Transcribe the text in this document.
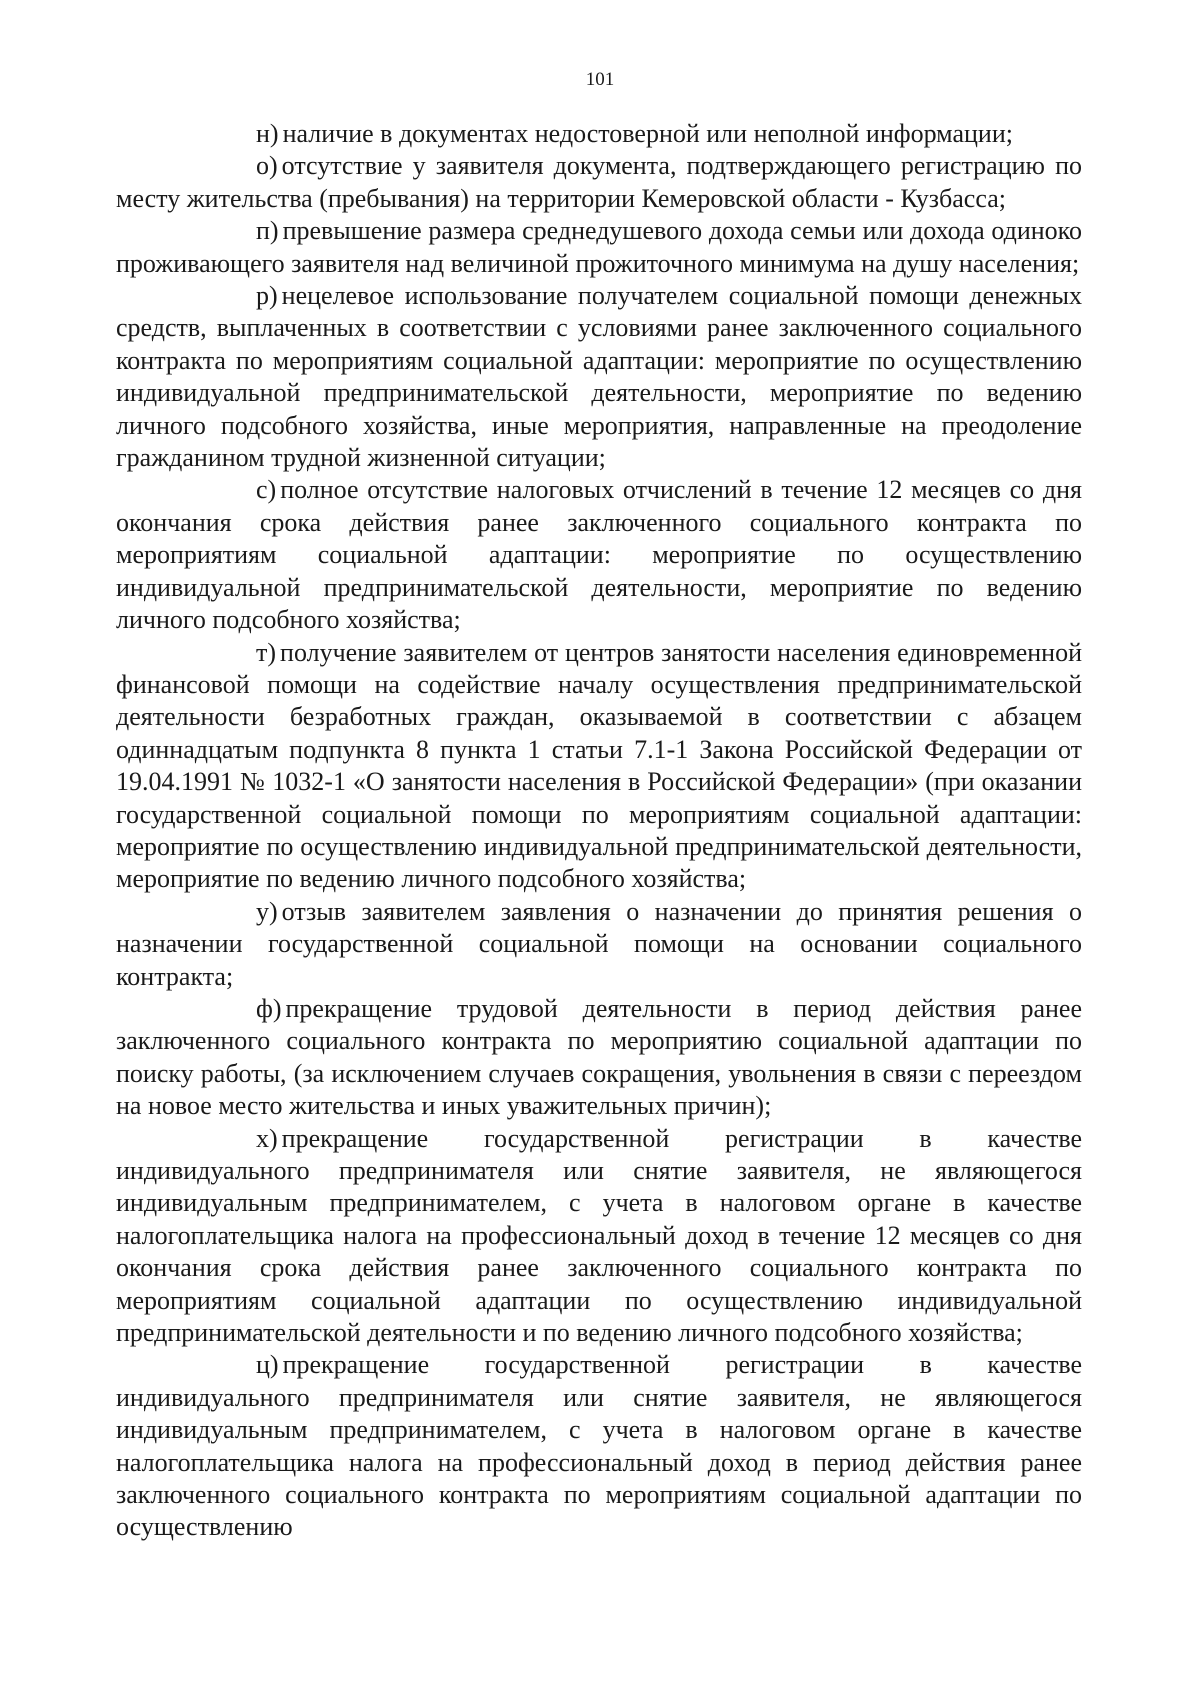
101

н) наличие в документах недостоверной или неполной информации;

о) отсутствие у заявителя документа, подтверждающего регистрацию по месту жительства (пребывания) на территории Кемеровской области - Кузбасса;

п) превышение размера среднедушевого дохода семьи или дохода одиноко проживающего заявителя над величиной прожиточного минимума на душу населения;

р) нецелевое использование получателем социальной помощи денежных средств, выплаченных в соответствии с условиями ранее заключенного социального контракта по мероприятиям социальной адаптации: мероприятие по осуществлению индивидуальной предпринимательской деятельности, мероприятие по ведению личного подсобного хозяйства, иные мероприятия, направленные на преодоление гражданином трудной жизненной ситуации;

с) полное отсутствие налоговых отчислений в течение 12 месяцев со дня окончания срока действия ранее заключенного социального контракта по мероприятиям социальной адаптации: мероприятие по осуществлению индивидуальной предпринимательской деятельности, мероприятие по ведению личного подсобного хозяйства;

т) получение заявителем от центров занятости населения единовременной финансовой помощи на содействие началу осуществления предпринимательской деятельности безработных граждан, оказываемой в соответствии с абзацем одиннадцатым подпункта 8 пункта 1 статьи 7.1-1 Закона Российской Федерации от 19.04.1991 № 1032-1 «О занятости населения в Российской Федерации» (при оказании государственной социальной помощи по мероприятиям социальной адаптации: мероприятие по осуществлению индивидуальной предпринимательской деятельности, мероприятие по ведению личного подсобного хозяйства;

у) отзыв заявителем заявления о назначении до принятия решения о назначении государственной социальной помощи на основании социального контракта;

ф) прекращение трудовой деятельности в период действия ранее заключенного социального контракта по мероприятию социальной адаптации по поиску работы, (за исключением случаев сокращения, увольнения в связи с переездом на новое место жительства и иных уважительных причин);

х) прекращение государственной регистрации в качестве индивидуального предпринимателя или снятие заявителя, не являющегося индивидуальным предпринимателем, с учета в налоговом органе в качестве налогоплательщика налога на профессиональный доход в течение 12 месяцев со дня окончания срока действия ранее заключенного социального контракта по мероприятиям социальной адаптации по осуществлению индивидуальной предпринимательской деятельности и по ведению личного подсобного хозяйства;

ц) прекращение государственной регистрации в качестве индивидуального предпринимателя или снятие заявителя, не являющегося индивидуальным предпринимателем, с учета в налоговом органе в качестве налогоплательщика налога на профессиональный доход в период действия ранее заключенного социального контракта по мероприятиям социальной адаптации по осуществлению
